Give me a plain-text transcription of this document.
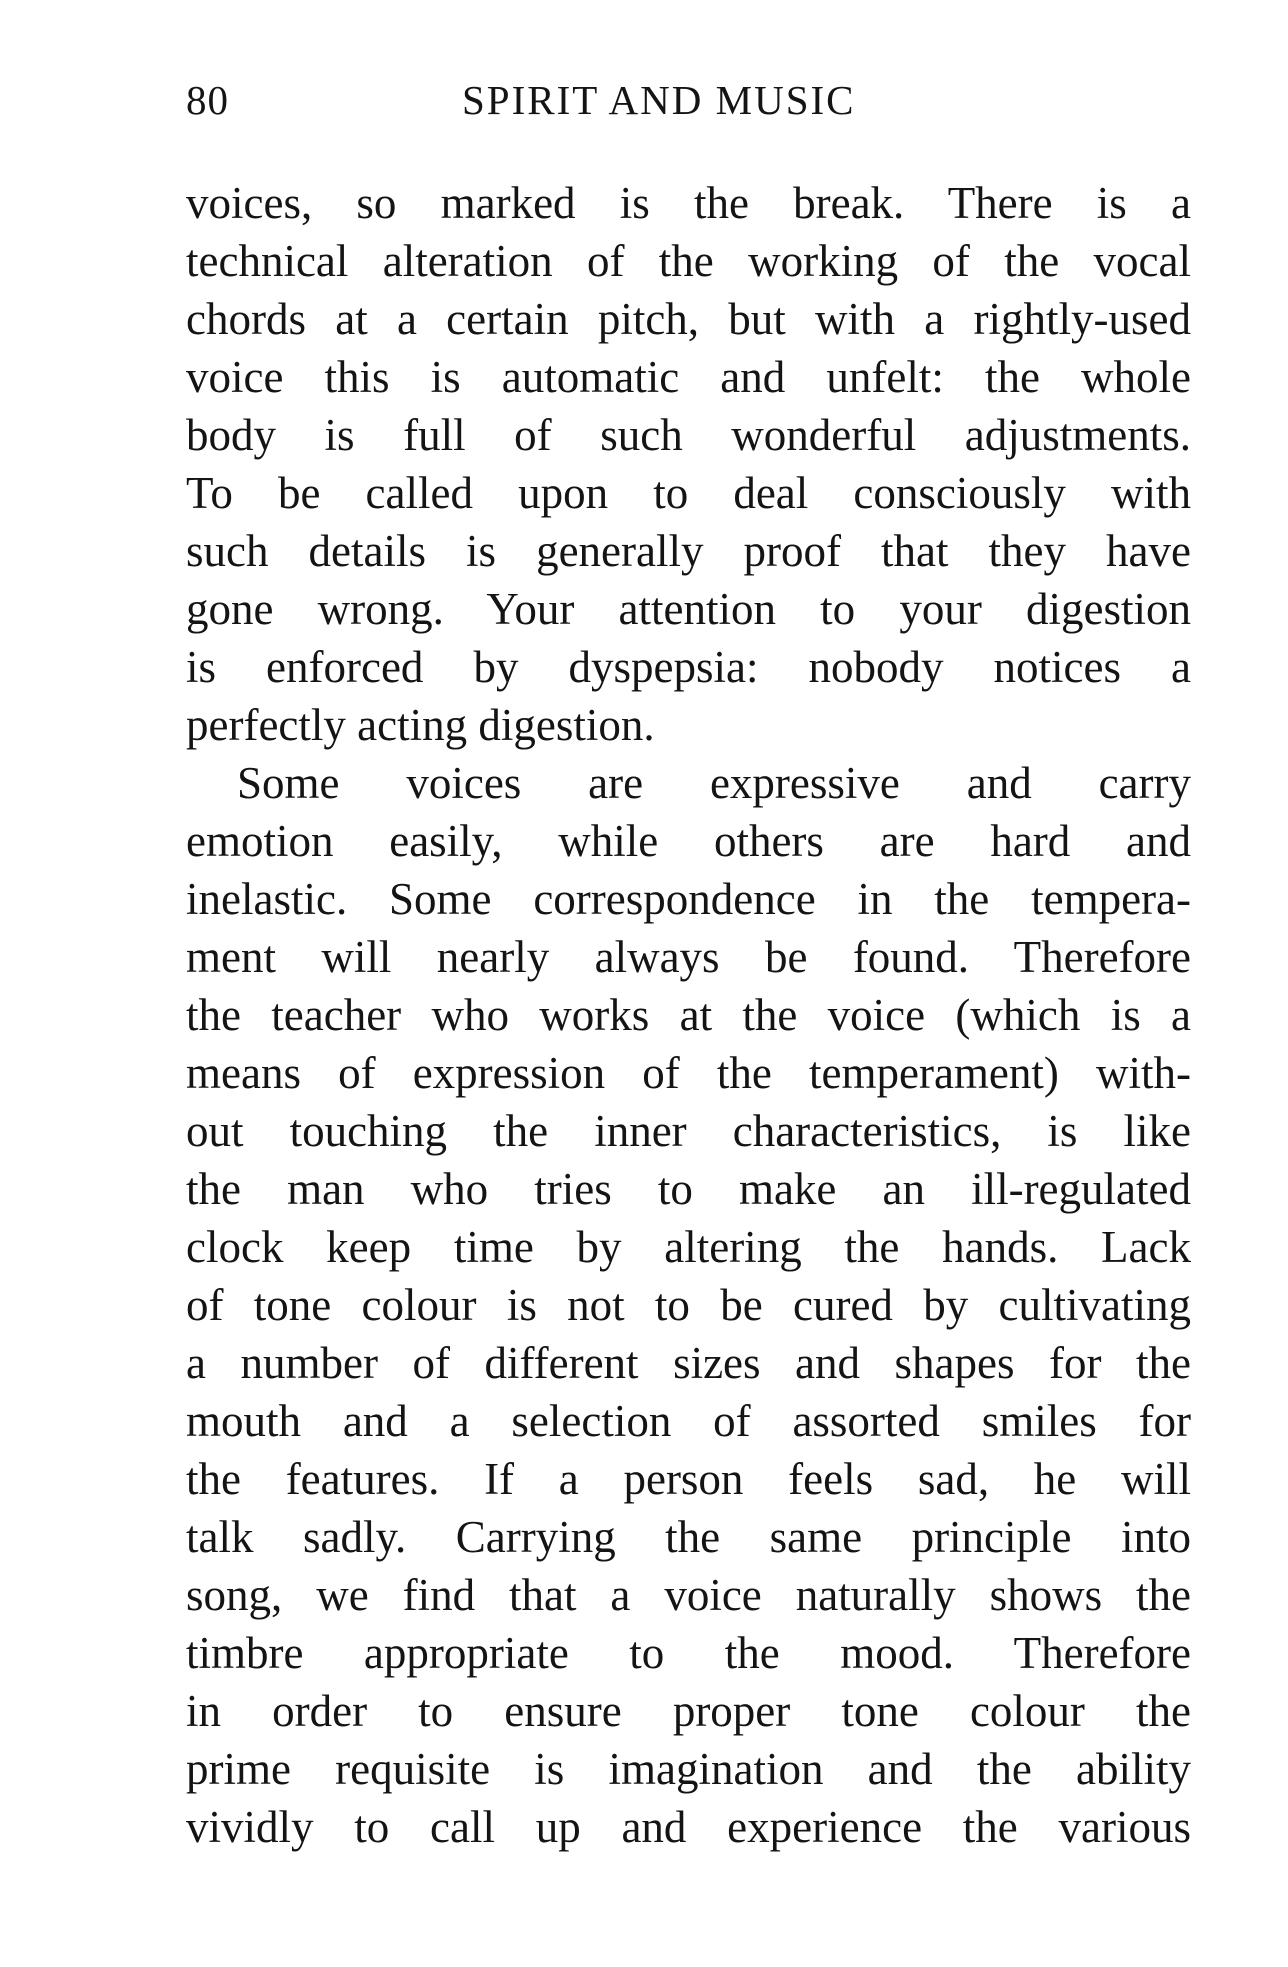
80	SPIRIT AND MUSIC
voices, so marked is the break. There is a
technical alteration of the working of the vocal
chords at a certain pitch, but with a rightly-used
voice this is automatic and unfelt: the whole
body is full of such wonderful adjustments.
To be called upon to deal consciously with
such details is generally proof that they have
gone wrong. Your attention to your digestion
is enforced by dyspepsia: nobody notices a
perfectly acting digestion.
Some voices are expressive and carry
emotion easily, while others are hard and
inelastic. Some correspondence in the tempera-
ment will nearly always be found. Therefore
the teacher who works at the voice (which is a
means of expression of the temperament) with-
out touching the inner characteristics, is like
the man who tries to make an ill-regulated
clock keep time by altering the hands. Lack
of tone colour is not to be cured by cultivating
a number of different sizes and shapes for the
mouth and a selection of assorted smiles for
the features. If a person feels sad, he will
talk sadly. Carrying the same principle into
song, we find that a voice naturally shows the
timbre appropriate to the mood. Therefore
in order to ensure proper tone colour the
prime requisite is imagination and the ability
vividly to call up and experience the various
